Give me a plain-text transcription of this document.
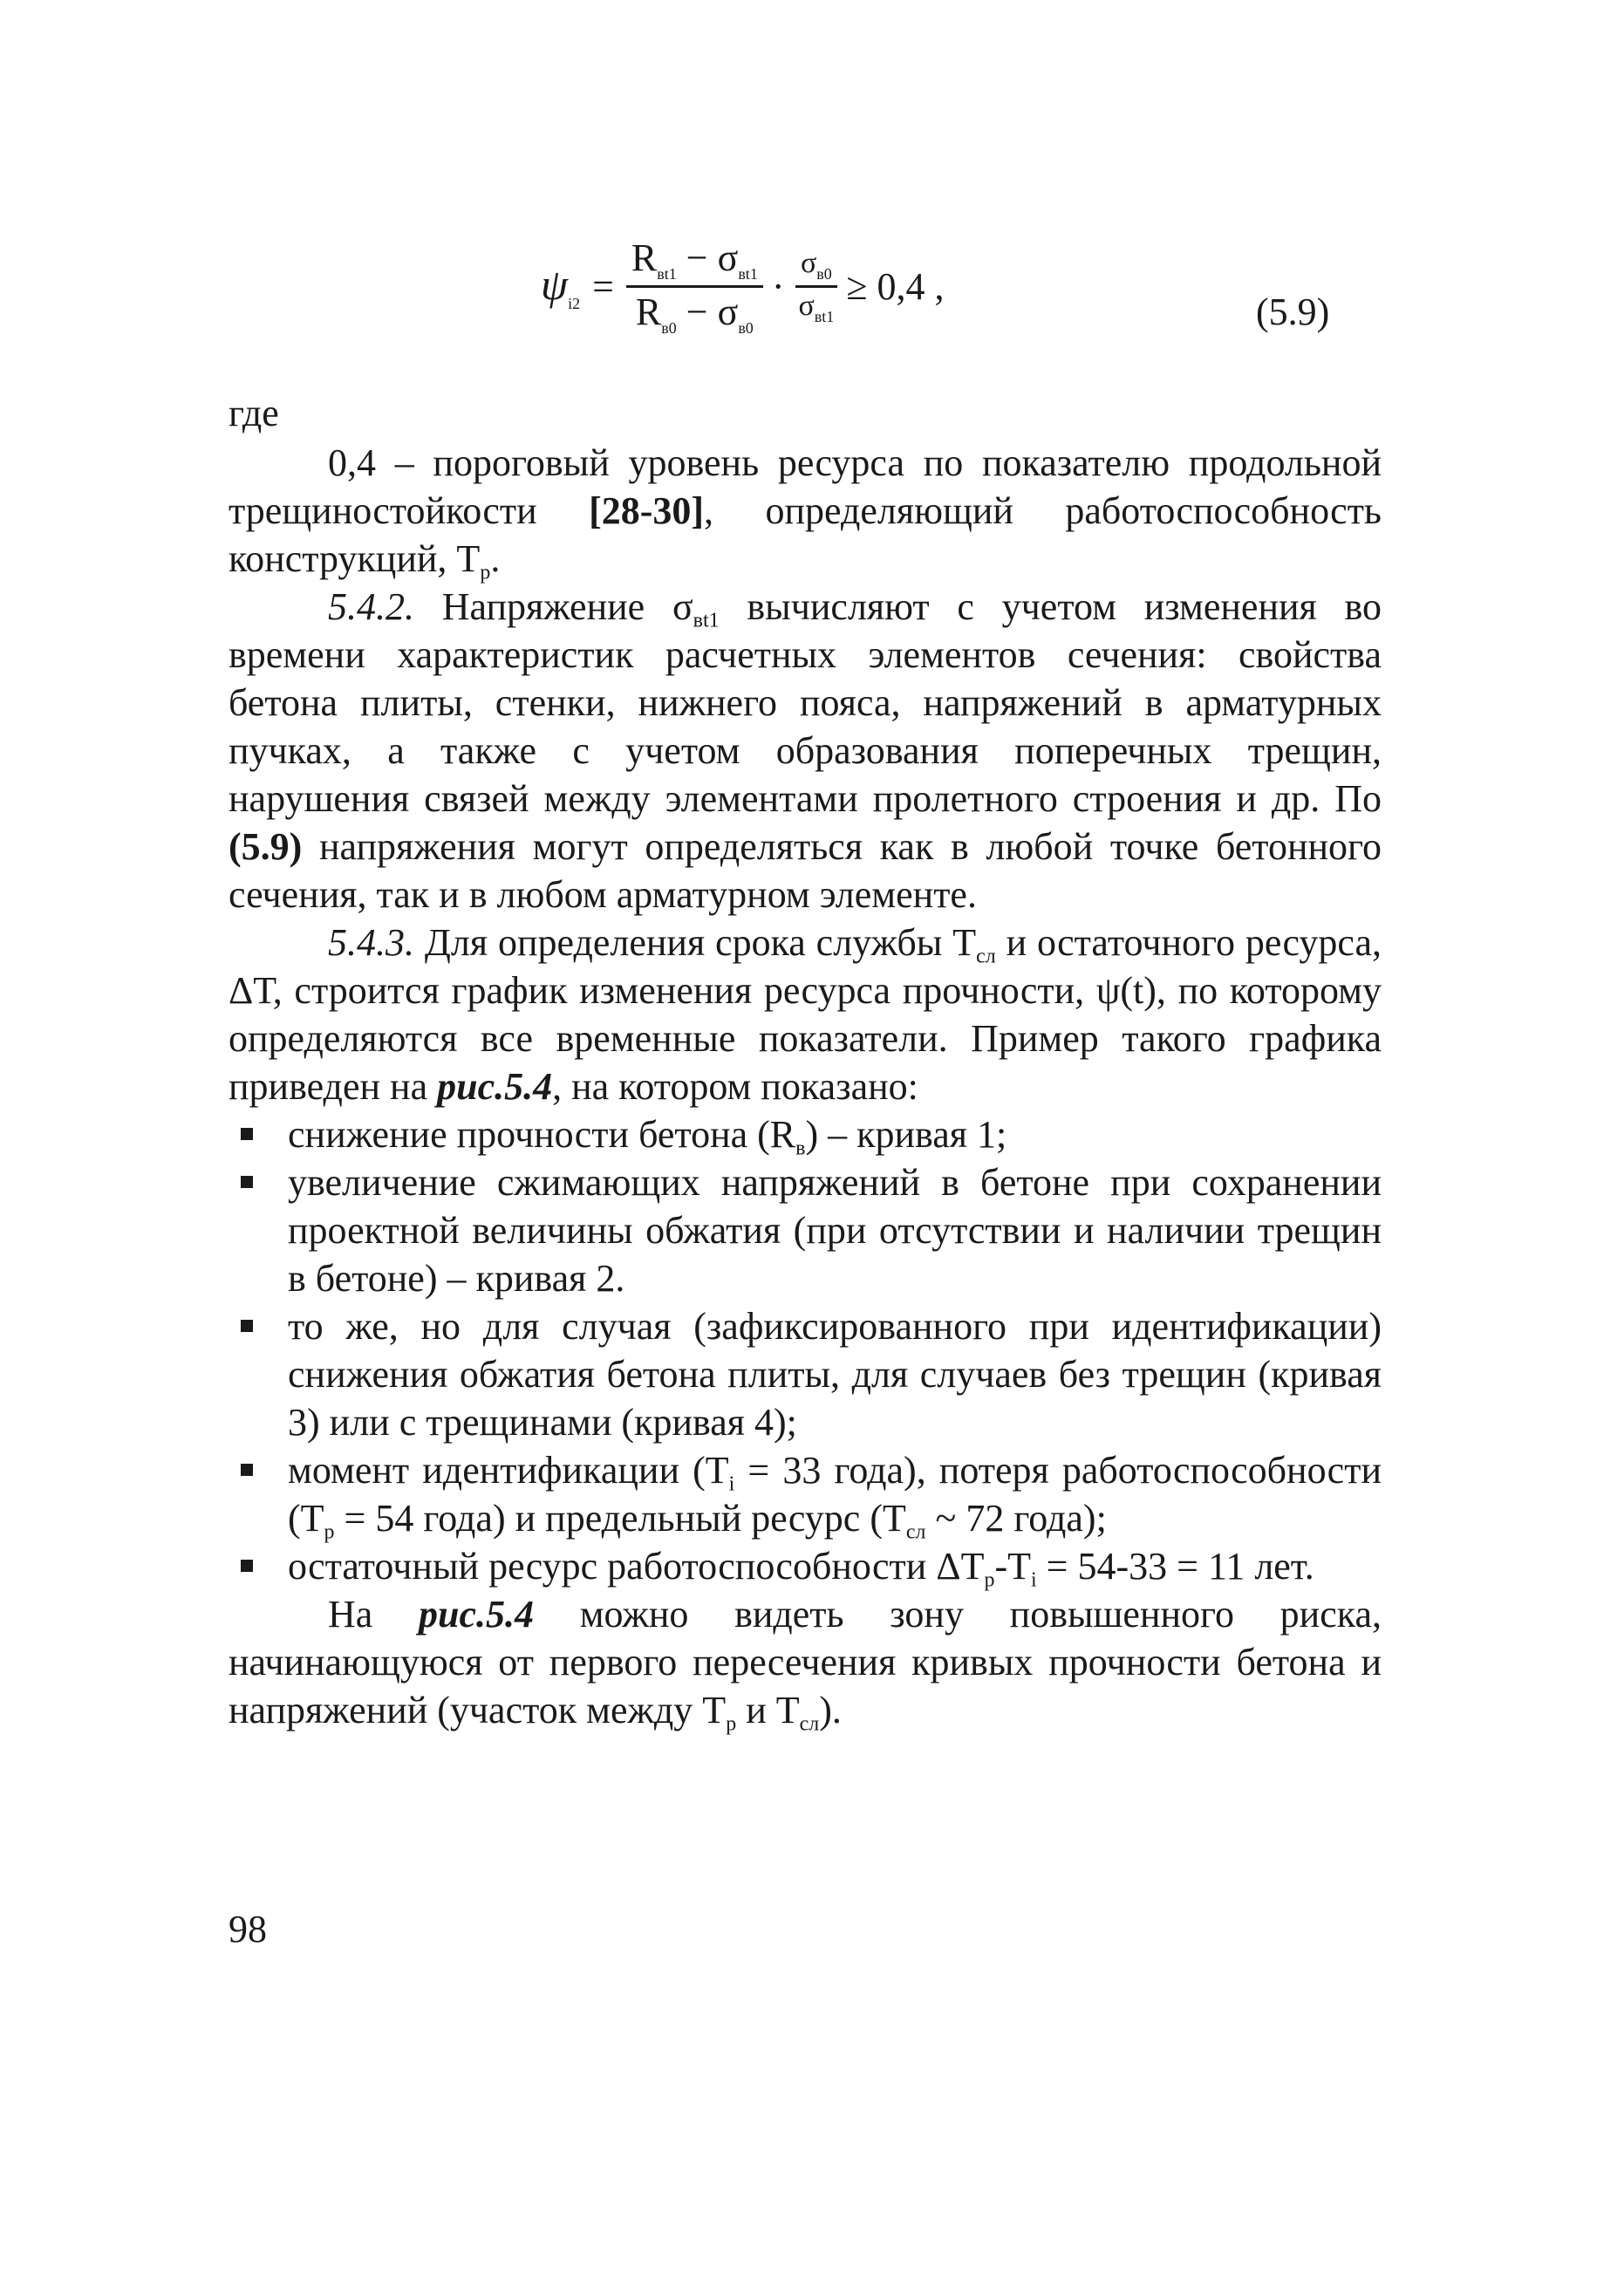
$\psi_{i2} = \frac{R_{вt1} - \sigma_{вt1}}{R_{в0} - \sigma_{в0}} \cdot \frac{\sigma_{в0}}{\sigma_{вt1}} \ge 0,4$ ,
(5.9)
где

0,4 – пороговый уровень ресурса по показателю продольной трещиностойкости [28-30], определяющий работоспособность конструкций, $Т_р$.

5.4.2. Напряжение $\sigma_{вt1}$ вычисляют с учетом изменения во времени характеристик расчетных элементов сечения: свойства бетона плиты, стенки, нижнего пояса, напряжений в арматурных пучках, а также с учетом образования поперечных трещин, нарушения связей между элементами пролетного строения и др. По (5.9) напряжения могут определяться как в любой точке бетонного сечения, так и в любом арматурном элементе.

5.4.3. Для определения срока службы $Т_{сл}$ и остаточного ресурса, ΔТ, строится график изменения ресурса прочности, ψ(t), по которому определяются все временные показатели. Пример такого графика приведен на рис.5.4, на котором показано:

снижение прочности бетона $(R_в)$ – кривая 1;
увеличение сжимающих напряжений в бетоне при сохранении проектной величины обжатия (при отсутствии и наличии трещин в бетоне) – кривая 2.
то же, но для случая (зафиксированного при идентификации) снижения обжатия бетона плиты, для случаев без трещин (кривая 3) или с трещинами (кривая 4);
момент идентификации ($Т_i = 33$ года), потеря работоспособности ($Т_р = 54$ года) и предельный ресурс ($Т_{сл}$ ~ 72 года);
остаточный ресурс работоспособности $\Delta Т_р-Т_i = 54-33 = 11$ лет.

На рис.5.4 можно видеть зону повышенного риска, начинающуюся от первого пересечения кривых прочности бетона и напряжений (участок между $Т_р$ и $Т_{сл}$).

98
